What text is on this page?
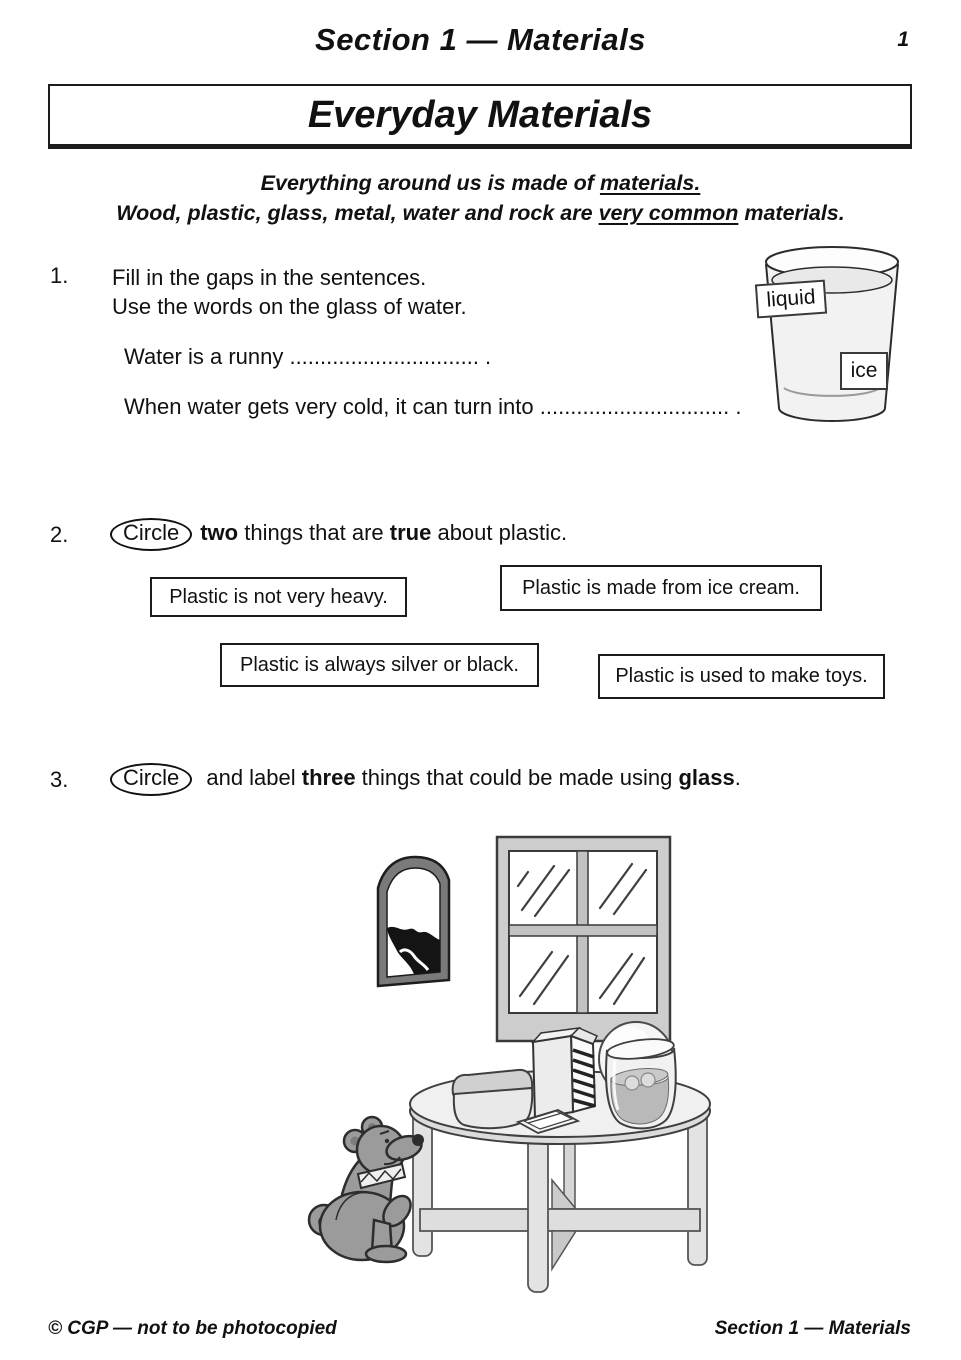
Section 1 — Materials	1
Everyday Materials
Everything around us is made of materials.
Wood, plastic, glass, metal, water and rock are very common materials.
1. Fill in the gaps in the sentences.
Use the words on the glass of water.
Water is a runny ............................... .
When water gets very cold, it can turn into ............................... .
liquid
ice
2.	Circle two things that are true about plastic.
Plastic is not very heavy.	Plastic is made from ice cream.
Plastic is always silver or black.
Plastic is used to make toys.
3.	Circle and label three things that could be made using glass.
© CGP — not to be photocopied	Section 1 — Materials
